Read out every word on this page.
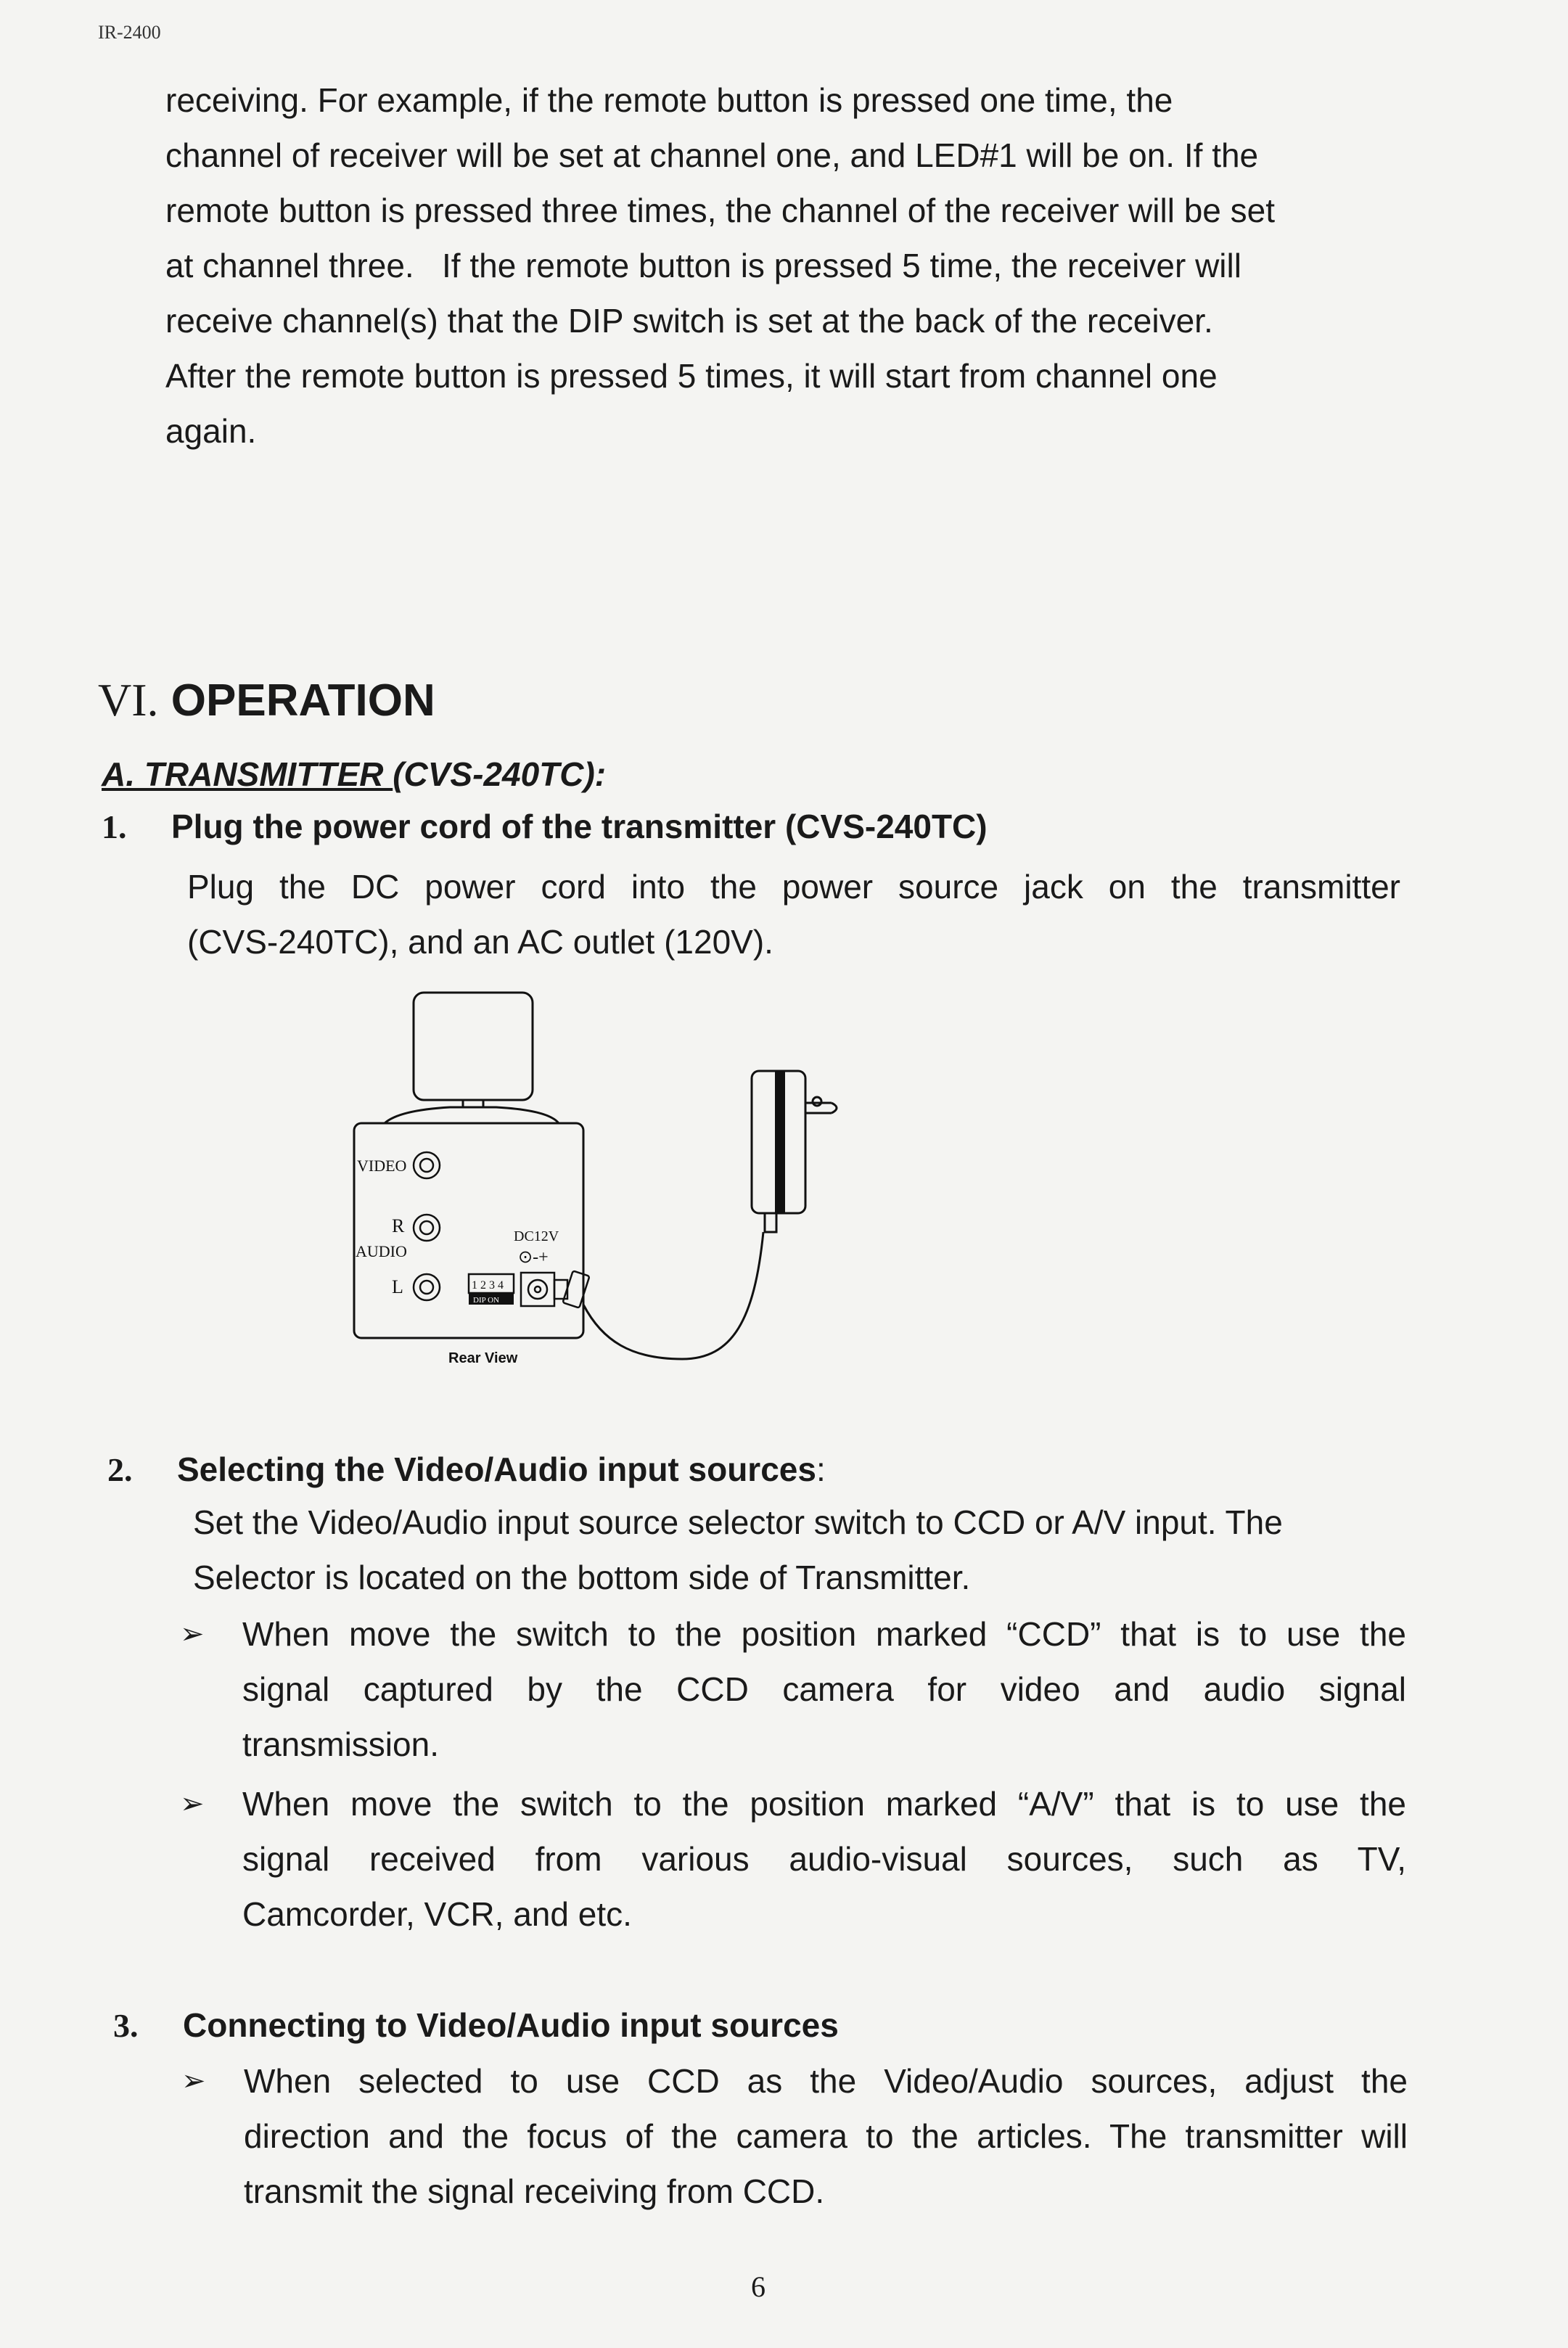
IR-2400
receiving. For example, if the remote button is pressed one time, the
channel of receiver will be set at channel one, and LED#1 will be on. If the
remote button is pressed three times, the channel of the receiver will be set
at channel three.   If the remote button is pressed 5 time, the receiver will
receive channel(s) that the DIP switch is set at the back of the receiver.
After the remote button is pressed 5 times, it will start from channel one
again.
VI. OPERATION
A. TRANSMITTER (CVS-240TC):
1. Plug the power cord of the transmitter (CVS-240TC)
Plug the DC power cord into the power source jack on the transmitter
(CVS-240TC), and an AC outlet (120V).
VIDEO
R
AUDIO
L	1 2 3 4
DIP ON
DC12V
⊙-+
Rear View
2. Selecting the Video/Audio input sources:
Set the Video/Audio input source selector switch to CCD or A/V input. The
Selector is located on the bottom side of Transmitter.
➢ When move the switch to the position marked “CCD” that is to use the
signal captured by the CCD camera for video and audio signal
transmission.
➢ When move the switch to the position marked “A/V” that is to use the
signal received from various audio-visual sources, such as TV,
Camcorder, VCR, and etc.
3. Connecting to Video/Audio input sources
➢ When selected to use CCD as the Video/Audio sources, adjust the
direction and the focus of the camera to the articles. The transmitter will
transmit the signal receiving from CCD.
6
